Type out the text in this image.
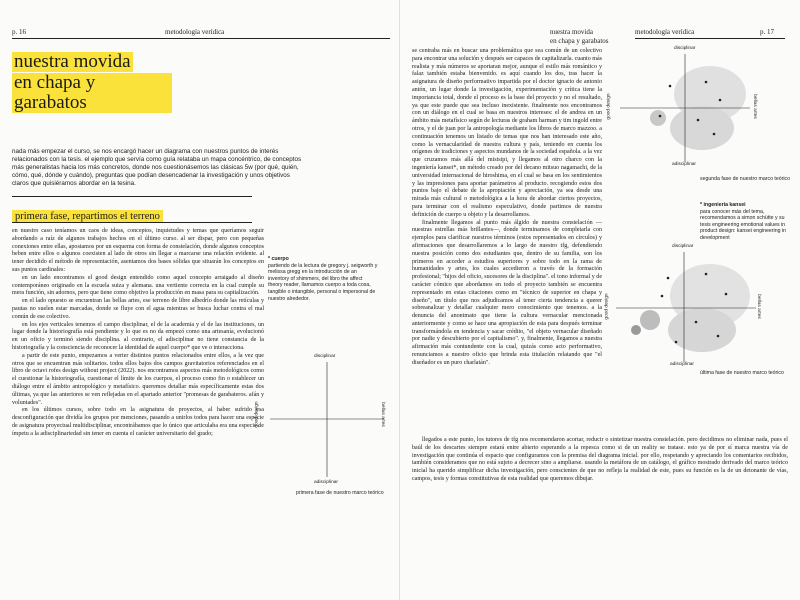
p. 16	metodología verídica
nuestra movida
en chapa y garabatos
nada más empezar el curso, se nos encargó hacer un diagrama con nuestros puntos de interés relacionados con la tesis. el ejemplo que servía como guía relataba un mapa concéntrico, de conceptos más generalistas hacia los más concretos, donde nos cuestionásemos las clásicas 5w (por qué, quién, cómo, qué, dónde y cuándo), preguntas que podían desencadenar la investigación y unos objetivos claros que quisiéramos abordar en la tesina.
primera fase, repartimos el terreno

en nuestro caso teníamos un caos de ideas, conceptos, inquietudes y temas que queríamos seguir abordando a raíz de algunos trabajos hechos en el último curso. al ser dispar, pero con pequeñas conexiones entre ellas, apostamos por un esquema con forma de constelación, donde algunos conceptos beben entre ellos o algunos coexisten al lado de otros sin llegar a marcarse una relación evidente. al tener decidido el método de representación, asentamos dos bases sólidas que situarán los conceptos en sus puntos cardinales:

en un lado encontramos el good design entendido como aquel concepto arraigado al diseño contemporáneo originado en la escuela suiza y alemana. una vertiente correcta en la cual cumple su mera función, sin adornos, pero que tiene como objetivo la producción en masa para su capitalización.

en el lado opuesto se encuentran las bellas artes, ese terreno de libre albedrío donde las retículas y pautas no suelen estar marcadas, donde se fluye con el agua mientras se busca luchar contra el mal común de ese colectivo.

en los ejes verticales tenemos el campo disciplinar, el de la academia y el de las instituciones, un lugar donde la historiografía está pendiente y lo que es no da empezó como una artesanía, evolucionó en un oficio y terminó siendo disciplina. al contrario, el adisciplinar no tiene constancia de la historiografía y la consciencia de reconocer la identidad de aquel cuerpo* que ve o interacciona.

a partir de este punto, empezamos a verter distintos puntos relacionados entre ellos, a la vez que otros que se encuentran más solitarios. todos ellos bajos dos campos gravitatorios referenciados en el libro de octavi rofes design without project (2022). nos encontramos aspectos más metodológicos como el cuestionar la historiografía, cuestionar el límite de los cuerpos, el proceso como fin o establecer un diálogo entre el ámbito antropológico y metafísico. queremos detallar más específicamente estas dos últimas, ya que las anteriores se ven reflejadas en el apartado anterior "promesas de garabateros. afán y voluntades".

en los últimos cursos, sobre todo en la asignatura de proyectos, al haber sufrido esa desconfiguración que dividía los grupos por menciones, pasando a unirlos todos para hacer una especie de asignatura proyectual multidisciplinar, encontrábamos que lo único que articulaba era una especie de ímpetu a la adisciplinariedad sin tener en cuenta el carácter universitario del grado;

* cuerpo
partiendo de la lectura de gregory j. seigworth y melissa gregg en la introducción de an inventory of shimmers, del libro the affect theory reader, llamamos cuerpo a toda cosa, tangible o intangible, personal o impersonal de nuestro alrededor.
disciplinar
adisciplinar
good design	bellas artes
primera fase de nuestro marco teórico
nuestra movida
en chapa y garabatos
metodología verídica	p. 17

se centraba más en buscar una problemática que sea común de un colectivo para encontrar una solución y después ser capaces de capitalizarla. cuanto más realista y más números se aportaran mejor, aunque el estilo más romántico y falaz también estaba bienvenido. es aquí cuando los dos, tras hacer la asignatura de diseño performativo impartida por el doctor ignacio de antonio antón, un lugar donde la investigación, experimentación y crítica tiene la importancia total, donde el proceso es la base del proyecto y no el resultado, ya que este puede que sea incluso inexistente. finalmente nos encontramos con un diálogo en el cual se basa en nuestros intereses: el de andrea en un ámbito más metafísico según de lecturas de graham harman y tim ingold entre otros, y el de juan por la antropología mediante los libros de marco mazzoo. a continuación tenemos un listado de temas que nos han interesado este año, como la vernacularidad de nuestra cultura y país, teniendo en cuenta los orígenes de tradiciones y aspectos mundanos de la sociedad española. a la vez que cruzamos más allá del misisipi, y llegamos al otro charco con la ingeniería kansei*, un método creado por del decano mitsuo nagamachi, de la universidad internacional de hiroshima, en el cual se basa en los sentimientos y las impresiones para aportar parámetros al producto. recogiendo estos dos puntos bajo el debate de la apropiación y apreciación, ya sea desde una mirada más cultural o metodológica a la hora de abordar ciertos proyectos, para terminar con el realismo especulativo, donde partimos de nuestra definición de cuerpo u objeto y la desarrollamos.

finalmente llegamos al punto más álgido de nuestra constelación —nuestras estrellas más brillantes—, donde terminamos de completarla con ejemplos para clarificar nuestros términos (estos representados en círculos) y afirmaciones que desarrollaremos a lo largo de nuestro tfg, defendiendo nuestra posición como dos estudiantes que, dentro de su familia, son los primeros en acceder a estudios superiores y sobre todo en la rama de humanidades y artes, los cuales accedieron a través de la formación profesional; "hijos del oficio, sucesores de la disciplina". el tono informal y de carácter cómico que abordamos en todo el proyecto también se encuentra representado en estas citaciones como en "técnico de superior en chapa y diseño", un título que nos adjudicamos al tener cierta tendencia a querer sobreanalizar y detallar cualquier mero conocimiento que tenemos. a la denuncia del anonimato que tiene la cultura vernacular mencionada anteriormente y como se hace una apropiación de esta para después terminar transformándola en tendencia y sacar crédito, "el objeto vernacular diseñado por nadie y descubierto por el capitalismo". y, finalmente, llegamos a nuestra afirmación más contundente con la cual, quizás como acto performativo, renunciamos a nuestro oficio que brinda esta titulación relatando que "el diseñador es un puro charlatán".

llegados a este punto, los tutores de tfg nos recomendaron acortar, reducir o sintetizar nuestra constelación. pero decidimos no eliminar nada, pues el baúl de los descartes siempre estará entre abierto esperando a la repesca como si de un reality se tratase. esto ya de por sí marca nuestra vía de investigación que continúa el espacio que configuramos con la premisa del diagrama inicial. por ello, respetando y apreciando los comentarios recibidos, también consideramos que no está sujeto a decrecer sino a ampliarse. usando la metáfora de un catálogo, el gráfico mostrado derivado del marco teórico inicial ha querido simplificar dicha investigación, pero conscientes de que no refleja la realidad de este, pues su función es la de un detonante de vías, campos, tesis y formas constitutivas de esta realidad que queremos dibujar.

disciplinar
adisciplinar
good design	bellas artes
segunda fase de nuestro marco teórico
* ingeniería kansei
para conocer más del tema, recomendamos a simon schütte y su tesis engineering emotional values in product design: kansei engineering in development
disciplinar
adisciplinar
good design	bellas artes
última fase de nuestro marco teórico
